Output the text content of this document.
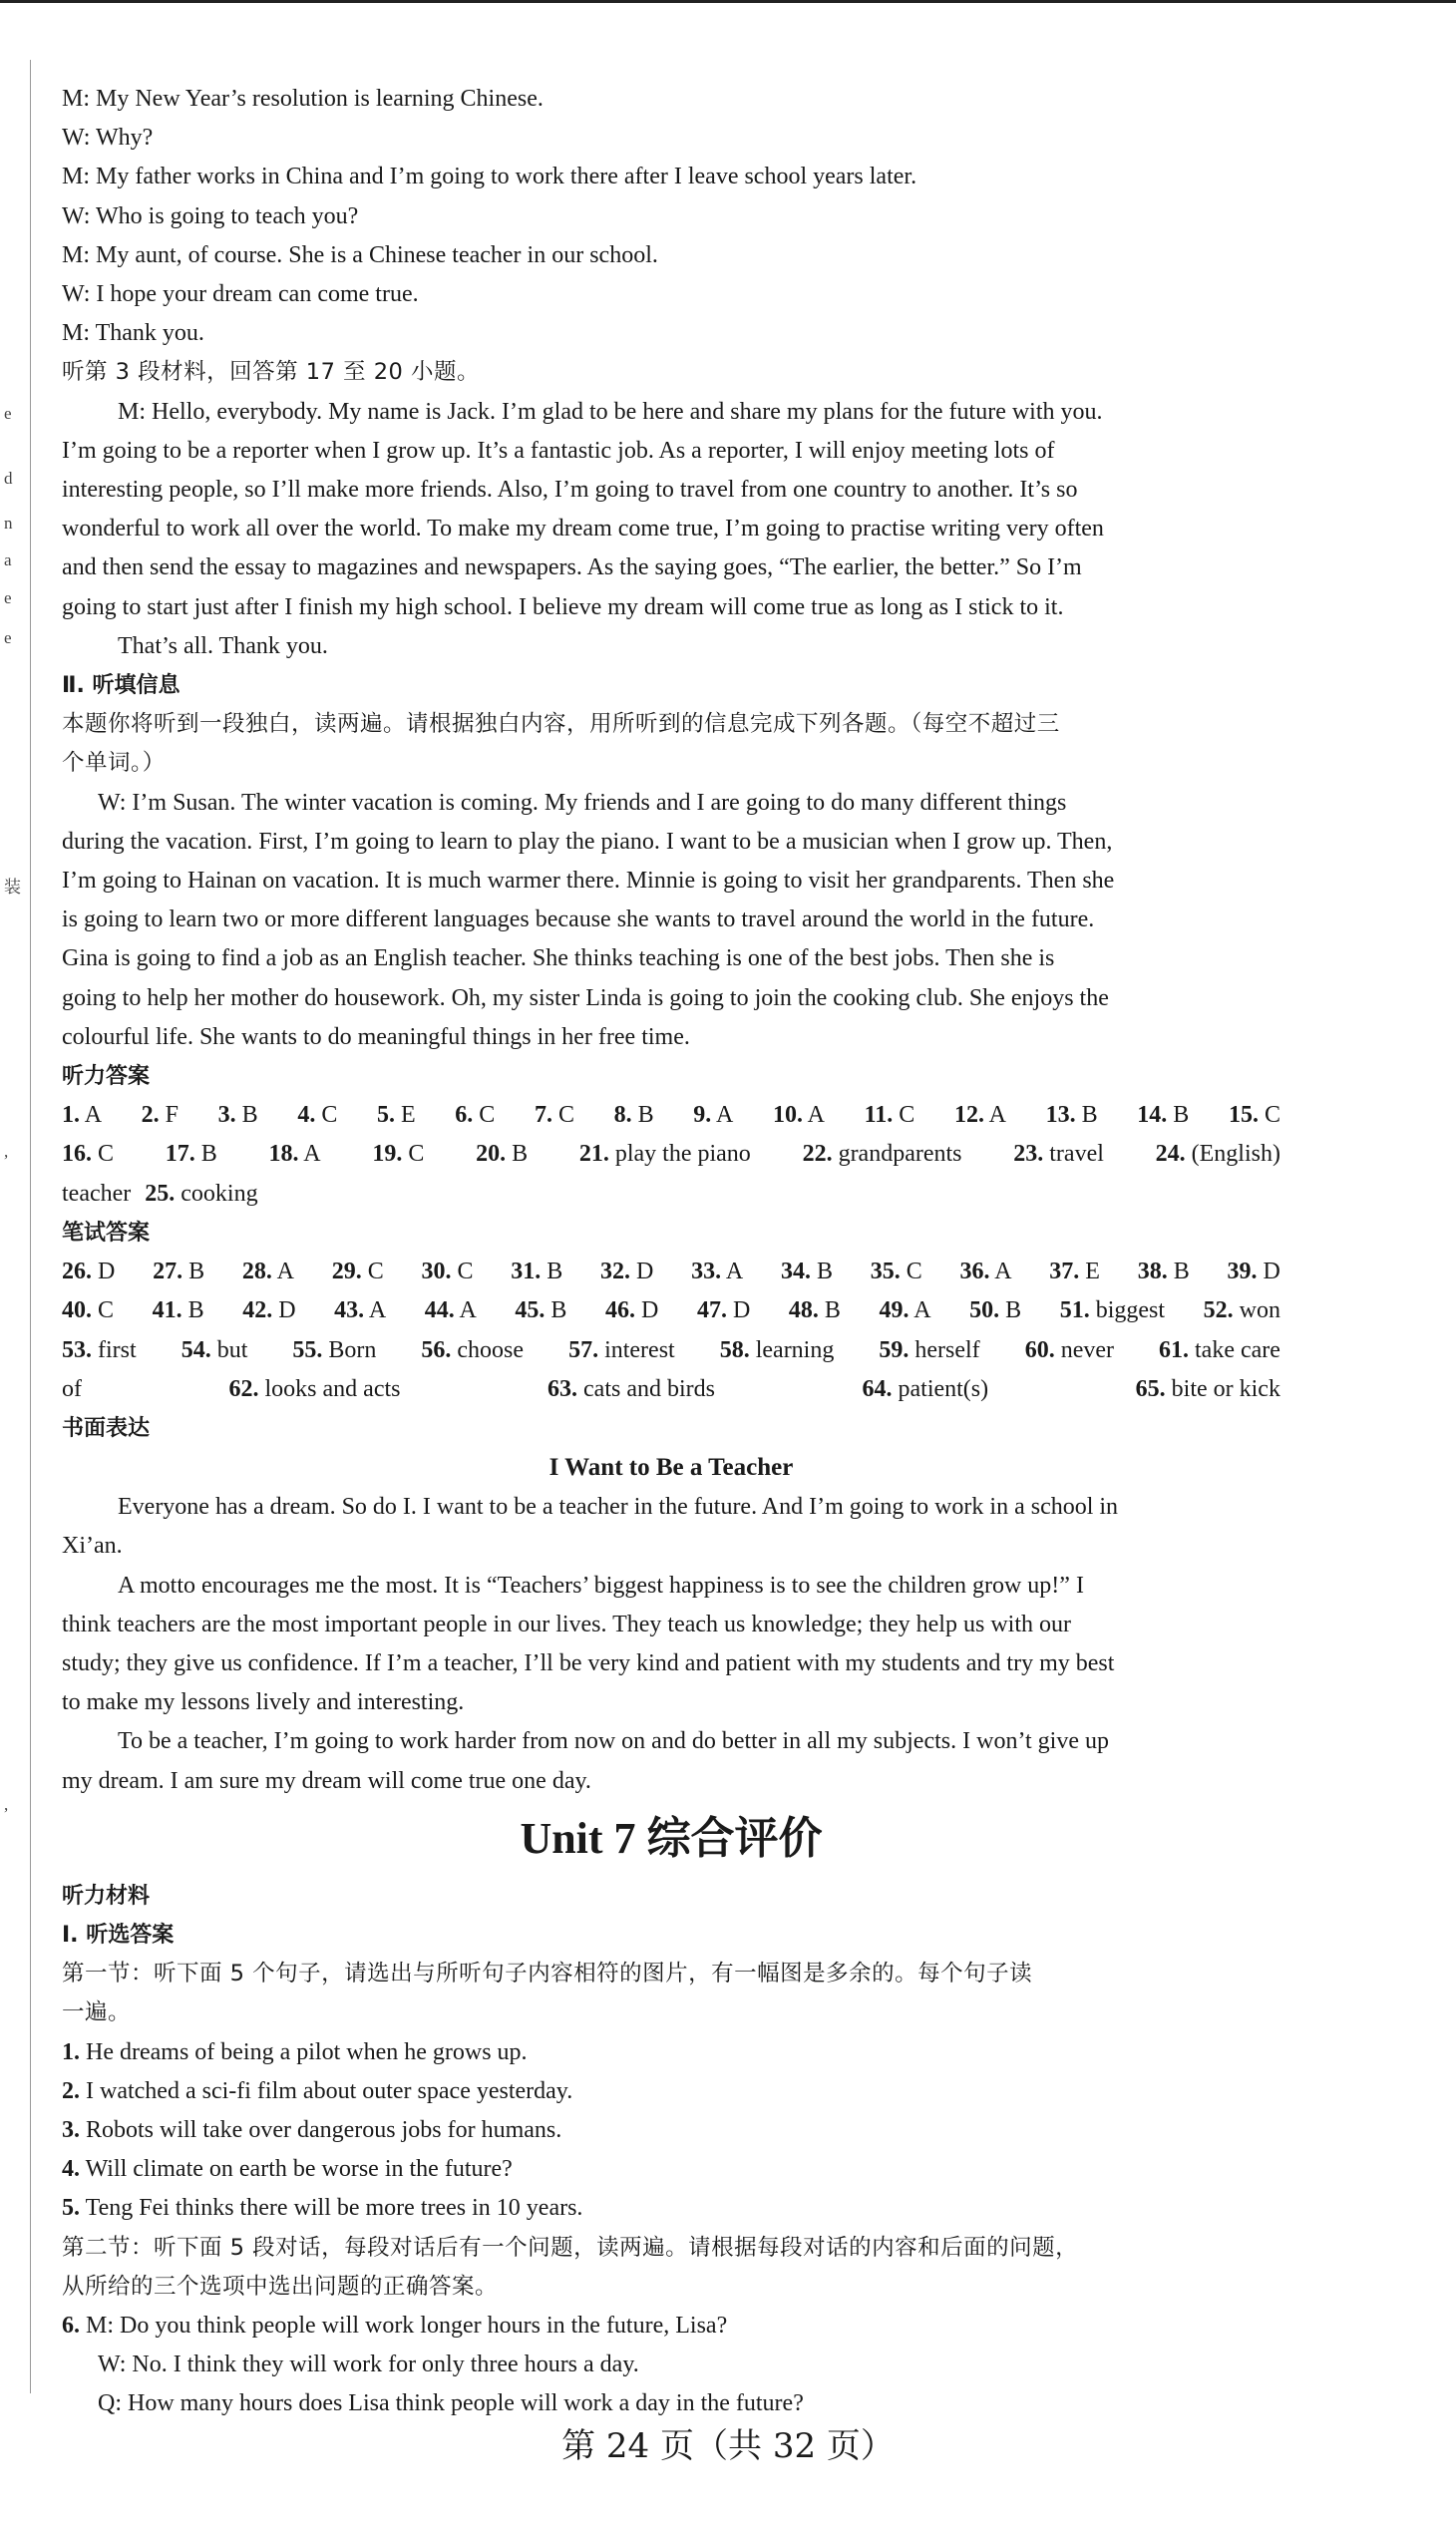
e
d
n
a
e
e
装
,
,
M: My New Year’s resolution is learning Chinese.
W: Why?
M: My father works in China and I’m going to work there after I leave school years later.
W: Who is going to teach you?
M: My aunt, of course. She is a Chinese teacher in our school.
W: I hope your dream can come true.
M: Thank you.
听第 3 段材料，回答第 17 至 20 小题。
M: Hello, everybody. My name is Jack. I’m glad to be here and share my plans for the future with you.
I’m going to be a reporter when I grow up. It’s a fantastic job. As a reporter, I will enjoy meeting lots of
interesting people, so I’ll make more friends. Also, I’m going to travel from one country to another. It’s so
wonderful to work all over the world. To make my dream come true, I’m going to practise writing very often
and then send the essay to magazines and newspapers. As the saying goes, “The earlier, the better.” So I’m
going to start just after I finish my high school. I believe my dream will come true as long as I stick to it.
That’s all. Thank you.
Ⅱ. 听填信息
本题你将听到一段独白，读两遍。请根据独白内容，用所听到的信息完成下列各题。（每空不超过三
个单词。）
W: I’m Susan. The winter vacation is coming. My friends and I are going to do many different things
during the vacation. First, I’m going to learn to play the piano. I want to be a musician when I grow up. Then,
I’m going to Hainan on vacation. It is much warmer there. Minnie is going to visit her grandparents. Then she
is going to learn two or more different languages because she wants to travel around the world in the future.
Gina is going to find a job as an English teacher. She thinks teaching is one of the best jobs. Then she is
going to help her mother do housework. Oh, my sister Linda is going to join the cooking club. She enjoys the
colourful life. She wants to do meaningful things in her free time.
听力答案
1. A 2. F 3. B 4. C 5. E 6. C 7. C 8. B 9. A 10. A 11. C 12. A 13. B 14. B 15. C
16. C 17. B 18. A 19. C 20. B 21. play the piano 22. grandparents 23. travel 24. (English)
teacher 25. cooking
笔试答案
26. D 27. B 28. A 29. C 30. C 31. B 32. D 33. A 34. B 35. C 36. A 37. E 38. B 39. D
40. C 41. B 42. D 43. A 44. A 45. B 46. D 47. D 48. B 49. A 50. B 51. biggest 52. won
53. first 54. but 55. Born 56. choose 57. interest 58. learning 59. herself 60. never 61. take care
of	62. looks and acts	63. cats and birds	64. patient(s)	65. bite or kick
书面表达
I Want to Be a Teacher
Everyone has a dream. So do I. I want to be a teacher in the future. And I’m going to work in a school in
Xi’an.
A motto encourages me the most. It is “Teachers’ biggest happiness is to see the children grow up!” I
think teachers are the most important people in our lives. They teach us knowledge; they help us with our
study; they give us confidence. If I’m a teacher, I’ll be very kind and patient with my students and try my best
to make my lessons lively and interesting.
To be a teacher, I’m going to work harder from now on and do better in all my subjects. I won’t give up
my dream. I am sure my dream will come true one day.
Unit 7 综合评价
听力材料
Ⅰ. 听选答案
第一节：听下面 5 个句子，请选出与所听句子内容相符的图片，有一幅图是多余的。每个句子读
一遍。
1. He dreams of being a pilot when he grows up.
2. I watched a sci-fi film about outer space yesterday.
3. Robots will take over dangerous jobs for humans.
4. Will climate on earth be worse in the future?
5. Teng Fei thinks there will be more trees in 10 years.
第二节：听下面 5 段对话，每段对话后有一个问题，读两遍。请根据每段对话的内容和后面的问题，
从所给的三个选项中选出问题的正确答案。
6. M: Do you think people will work longer hours in the future, Lisa?
W: No. I think they will work for only three hours a day.
Q: How many hours does Lisa think people will work a day in the future?
第 24 页（共 32 页）
